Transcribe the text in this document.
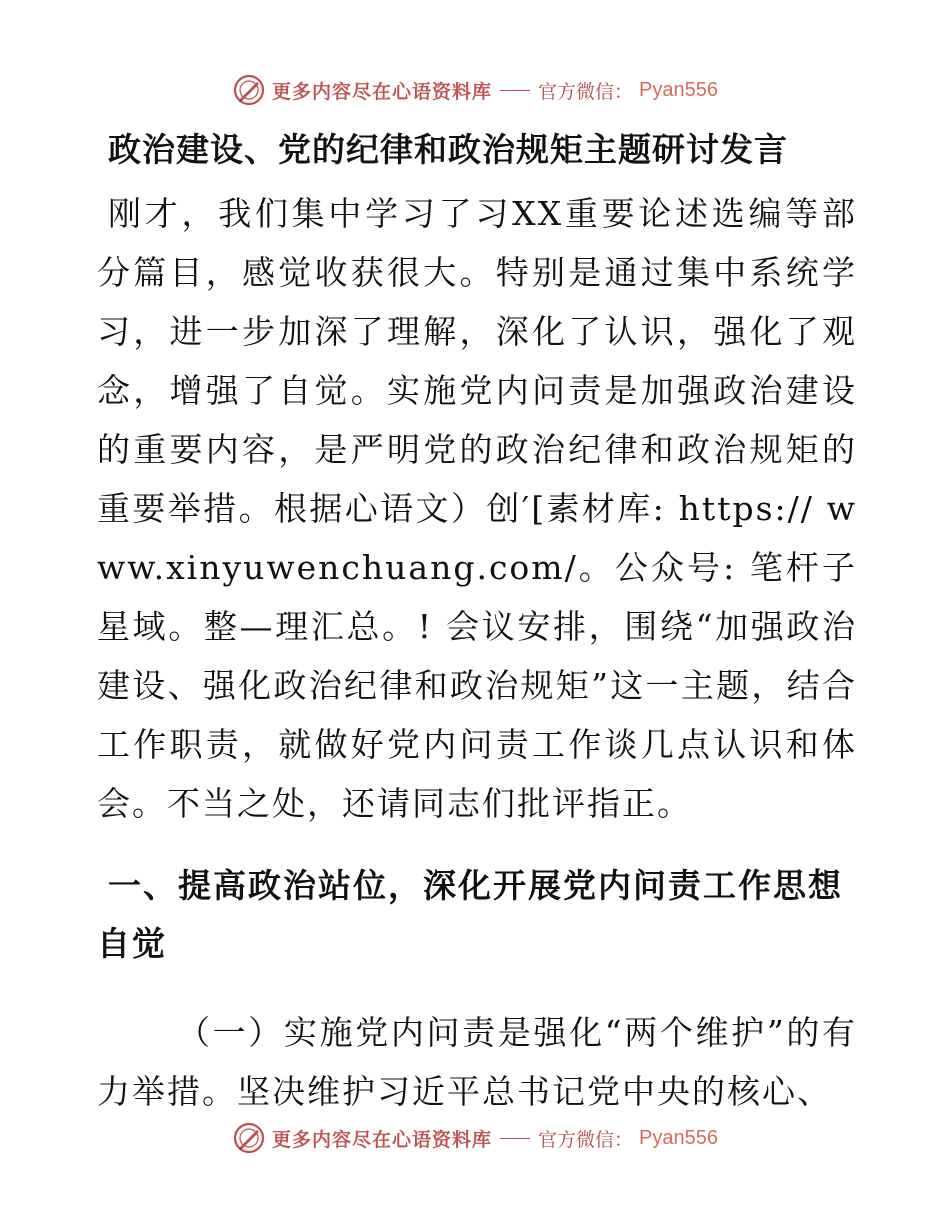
更多内容尽在心语资料库 官方微信： Pyan556
政治建设、党的纪律和政治规矩主题研讨发言

刚才，我们集中学习了习XX重要论述选编等部分篇目，感觉收获很大。特别是通过集中系统学习，进一步加深了理解，深化了认识，强化了观念，增强了自觉。实施党内问责是加强政治建设的重要内容，是严明党的政治纪律和政治规矩的重要举措。根据心语文）创′[素材库: https:// www.xinyuwenchuang.com/。公众号: 笔杆子星域。整—理汇总。! 会议安排，围绕“加强政治建设、强化政治纪律和政治规矩”这一主题，结合工作职责，就做好党内问责工作谈几点认识和体会。不当之处，还请同志们批评指正。

一、提高政治站位，深化开展党内问责工作思想自觉

（一）实施党内问责是强化“两个维护”的有力举措。坚决维护习近平总书记党中央的核心、

更多内容尽在心语资料库 官方微信： Pyan556
